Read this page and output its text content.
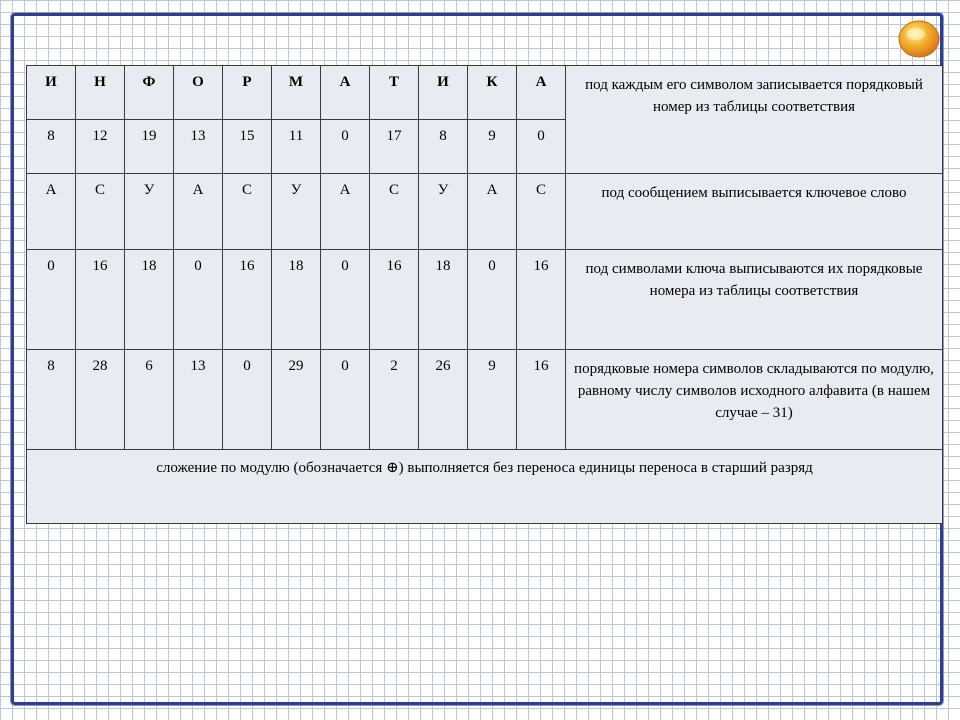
И	Н	Ф	О	Р	М	А	Т	И	К	А	под каждым его символом записывается порядковый номер из таблицы соответствия
8	12	19	13	15	11	0	17	8	9	0	
А	С	У	А	С	У	А	С	У	А	С	под сообщением выписывается ключевое слово
0	16	18	0	16	18	0	16	18	0	16	под символами ключа выписываются их порядковые номера из таблицы соответствия
8	28	6	13	0	29	0	2	26	9	16	порядковые номера символов складываются по модулю, равному числу символов исходного алфавита (в нашем случае – 31)
сложение по модулю (обозначается ⊕) выполняется без переноса единицы переноса в старший разряд											
